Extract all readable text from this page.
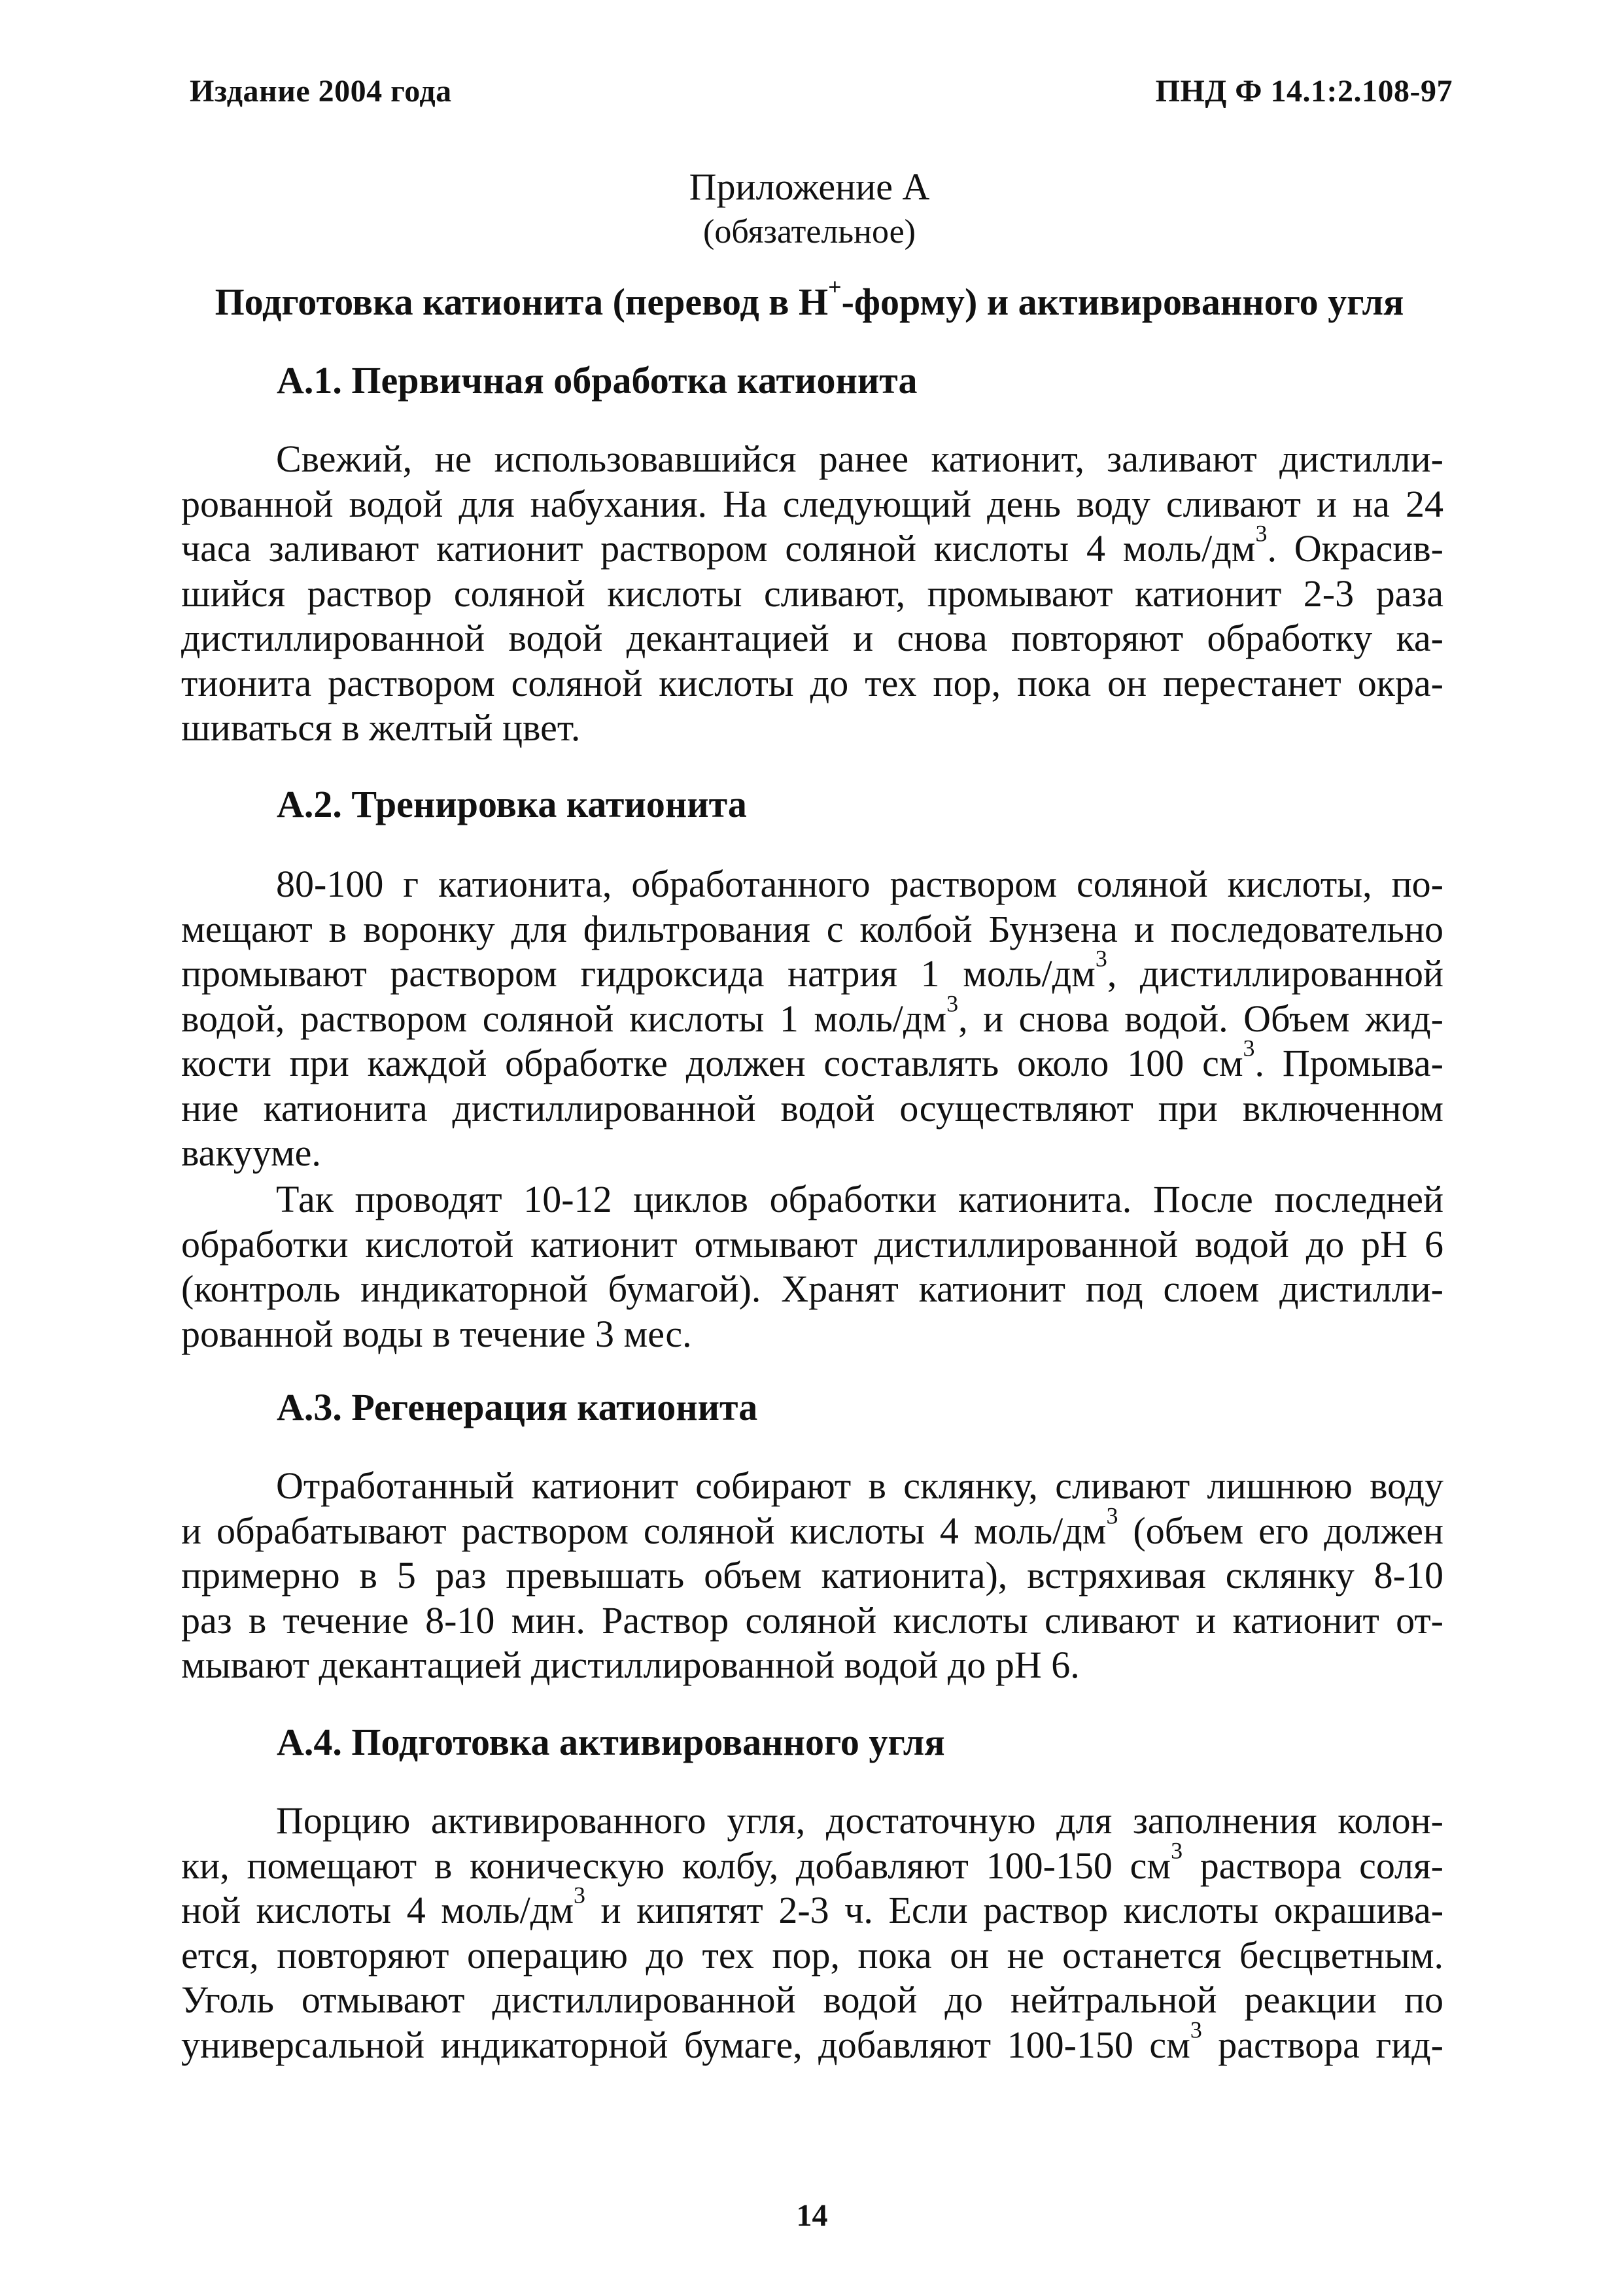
Издание 2004 года	ПНД Ф 14.1:2.108-97
Приложение А
(обязательное)
Подготовка катионита (перевод в Н+-форму) и активированного угля
А.1. Первичная обработка катионита
Свежий, не использовавшийся ранее катионит, заливают дистилли-
рованной водой для набухания. На следующий день воду сливают и на 24
часа заливают катионит раствором соляной кислоты 4 моль/$дм^3$. Окрасив-
шийся раствор соляной кислоты сливают, промывают катионит 2-3 раза
дистиллированной водой декантацией и снова повторяют обработку ка-
тионита раствором соляной кислоты до тех пор, пока он перестанет окра-
шиваться в желтый цвет.
А.2. Тренировка катионита
80-100 г катионита, обработанного раствором соляной кислоты, по-
мещают в воронку для фильтрования с колбой Бунзена и последовательно
промывают раствором гидроксида натрия 1 моль/$дм^3$, дистиллированной
водой, раствором соляной кислоты 1 моль/$дм^3$, и снова водой. Объем жид-
кости при каждой обработке должен составлять около 100 $см^3$. Промыва-
ние катионита дистиллированной водой осуществляют при включенном
вакууме.
Так проводят 10-12 циклов обработки катионита. После последней
обработки кислотой катионит отмывают дистиллированной водой до рН 6
(контроль индикаторной бумагой). Хранят катионит под слоем дистилли-
рованной воды в течение 3 мес.
А.3. Регенерация катионита
Отработанный катионит собирают в склянку, сливают лишнюю воду
и обрабатывают раствором соляной кислоты 4 моль/$дм^3$ (объем его должен
примерно в 5 раз превышать объем катионита), встряхивая склянку 8-10
раз в течение 8-10 мин. Раствор соляной кислоты сливают и катионит от-
мывают декантацией дистиллированной водой до рН 6.
А.4. Подготовка активированного угля
Порцию активированного угля, достаточную для заполнения колон-
ки, помещают в коническую колбу, добавляют 100-150 $см^3$ раствора соля-
ной кислоты 4 моль/$дм^3$ и кипятят 2-3 ч. Если раствор кислоты окрашива-
ется, повторяют операцию до тех пор, пока он не останется бесцветным.
Уголь отмывают дистиллированной водой до нейтральной реакции по
универсальной индикаторной бумаге, добавляют 100-150 $см^3$ раствора гид-
14
